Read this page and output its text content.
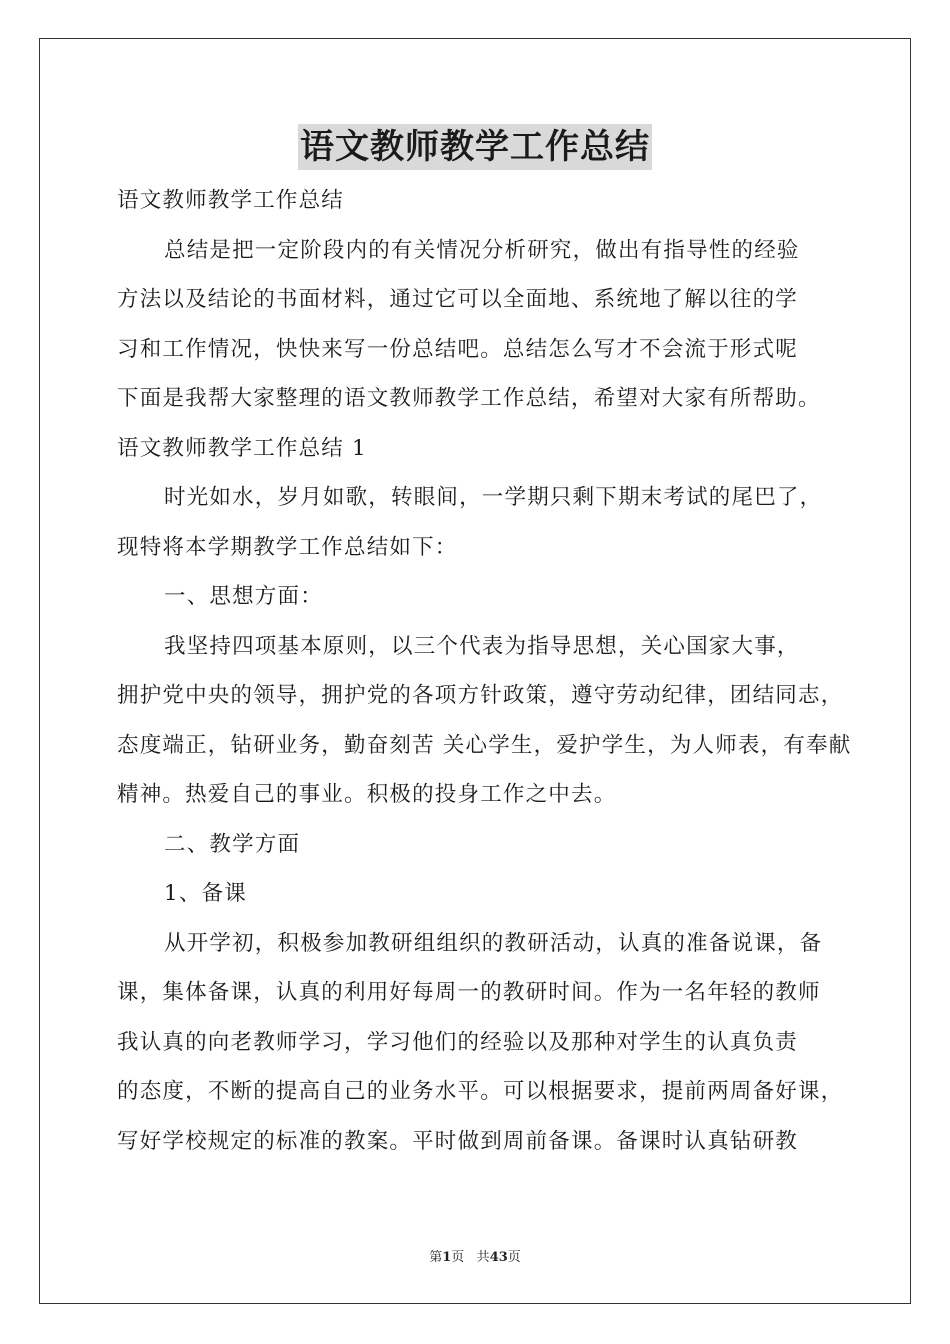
语文教师教学工作总结
语文教师教学工作总结
总结是把一定阶段内的有关情况分析研究，做出有指导性的经验
方法以及结论的书面材料，通过它可以全面地、系统地了解以往的学
习和工作情况，快快来写一份总结吧。总结怎么写才不会流于形式呢
下面是我帮大家整理的语文教师教学工作总结，希望对大家有所帮助。
语文教师教学工作总结 1
时光如水，岁月如歌，转眼间，一学期只剩下期末考试的尾巴了，
现特将本学期教学工作总结如下：
一、思想方面：
我坚持四项基本原则，以三个代表为指导思想，关心国家大事，
拥护党中央的领导，拥护党的各项方针政策，遵守劳动纪律，团结同志，
态度端正，钻研业务，勤奋刻苦 关心学生，爱护学生，为人师表，有奉献
精神。热爱自己的事业。积极的投身工作之中去。
二、教学方面
1、备课
从开学初，积极参加教研组组织的教研活动，认真的准备说课，备
课，集体备课，认真的利用好每周一的教研时间。作为一名年轻的教师
我认真的向老教师学习，学习他们的经验以及那种对学生的认真负责
的态度，不断的提高自己的业务水平。可以根据要求，提前两周备好课，
写好学校规定的标准的教案。平时做到周前备课。备课时认真钻研教
第1页 共43页
